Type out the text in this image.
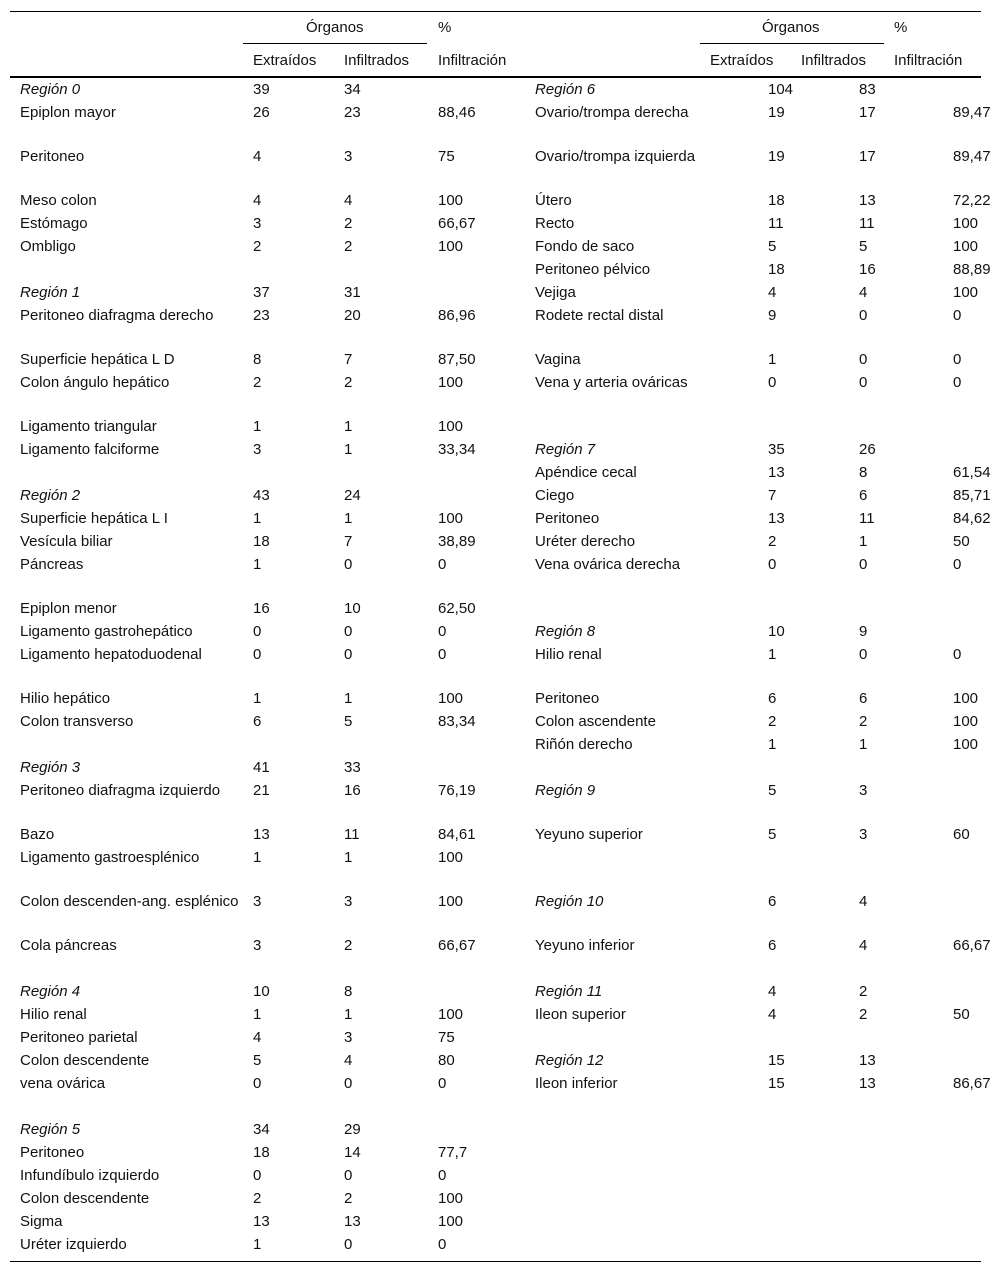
Órganos	%
Extraídos Infiltrados Infiltración
Órganos	%
Extraídos Infiltrados Infiltración
Región 0	39	34
Epiplon mayor	26	23	88,46
Peritoneo	4	3	75
Meso colon	4	4	100
Estómago	3	2	66,67
Ombligo	2	2	100
Región 1	37	31
Peritoneo diafragma derecho	23	20	86,96
Superficie hepática L D	8	7	87,50
Colon ángulo hepático	2	2	100
Ligamento triangular	1	1	100
Ligamento falciforme	3	1	33,34
Región 2	43	24
Superficie hepática L I	1	1	100
Vesícula biliar	18	7	38,89
Páncreas	1	0	0
Epiplon menor	16	10	62,50
Ligamento gastrohepático	0	0	0
Ligamento hepatoduodenal	0	0	0
Hilio hepático	1	1	100
Colon transverso	6	5	83,34
Región 3	41	33
Peritoneo diafragma izquierdo	21	16	76,19
Bazo	13	11	84,61
Ligamento gastroesplénico	1	1	100
Colon descenden-ang. esplénico 3	3	100
Cola páncreas	3	2	66,67
Región 4	10	8
Hilio renal	1	1	100
Peritoneo parietal	4	3	75
Colon descendente	5	4	80
vena ovárica	0	0	0
Región 5	34	29
Peritoneo	18	14	77,7
Infundíbulo izquierdo	0	0	0
Colon descendente	2	2	100
Sigma	13	13	100
Uréter izquierdo	1	0	0
Región 6	104	83
Ovario/trompa derecha	19	17	89,47
Ovario/trompa izquierda	19	17	89,47
Útero	18	13	72,22
Recto	11	11	100
Fondo de saco	5	5	100
Peritoneo pélvico	18	16	88,89
Vejiga	4	4	100
Rodete rectal distal	9	0	0
Vagina	1	0	0
Vena y arteria ováricas	0	0	0
Región 7	35	26
Apéndice cecal	13	8	61,54
Ciego	7	6	85,71
Peritoneo	13	11	84,62
Uréter derecho	2	1	50
Vena ovárica derecha	0	0	0
Región 8	10	9
Hilio renal	1	0	0
Peritoneo	6	6	100
Colon ascendente	2	2	100
Riñón derecho	1	1	100
Región 9	5	3
Yeyuno superior	5	3	60
Región 10	6	4
Yeyuno inferior	6	4	66,67
Región 11	4	2
Ileon superior	4	2	50
Región 12	15	13
Ileon inferior	15	13	86,67
